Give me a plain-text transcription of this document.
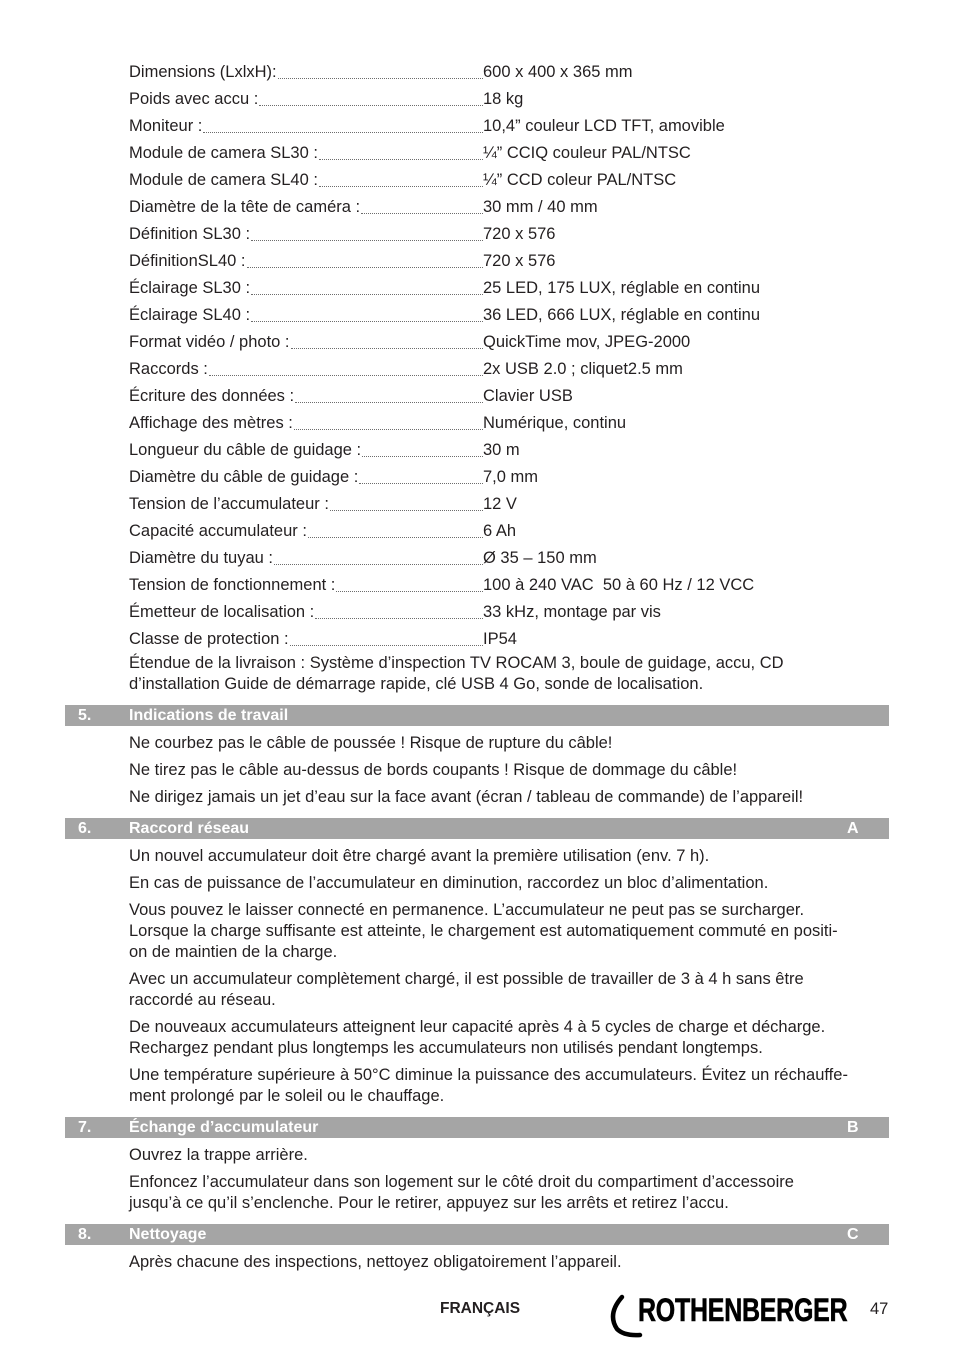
Dimensions (LxlxH):	600 x 400 x 365 mm
Poids avec accu :	18 kg
Moniteur :	10,4” couleur LCD TFT, amovible
Module de camera SL30 :	¼” CCIQ couleur PAL/NTSC
Module de camera SL40 :	¼” CCD coleur PAL/NTSC
Diamètre de la tête de caméra :	30 mm / 40 mm
Définition SL30 :	720 x 576
DéfinitionSL40 :	720 x 576
Éclairage SL30 :	25 LED, 175 LUX, réglable en continu
Éclairage SL40 :	36 LED, 666 LUX, réglable en continu
Format vidéo / photo :	QuickTime mov, JPEG-2000
Raccords :	2x USB 2.0 ; cliquet2.5 mm
Écriture des données :	Clavier USB
Affichage des mètres :	Numérique, continu
Longueur du câble de guidage :	30 m
Diamètre du câble de guidage :	7,0 mm
Tension de l’accumulateur :	12 V
Capacité accumulateur :	6 Ah
Diamètre du tuyau :	Ø 35 – 150 mm
Tension de fonctionnement :	100 à 240 VAC  50 à 60 Hz / 12 VCC
Émetteur de localisation :	33 kHz, montage par vis
Classe de protection :	IP54
Étendue de la livraison : Système d’inspection TV ROCAM 3, boule de guidage, accu, CD
d’installation Guide de démarrage rapide, clé USB 4 Go, sonde de localisation.
5. Indications de travail
Ne courbez pas le câble de poussée ! Risque de rupture du câble!
Ne tirez pas le câble au-dessus de bords coupants ! Risque de dommage du câble!
Ne dirigez jamais un jet d’eau sur la face avant (écran / tableau de commande) de l’appareil!
6. Raccord réseau	A
Un nouvel accumulateur doit être chargé avant la première utilisation (env. 7 h).
En cas de puissance de l’accumulateur en diminution, raccordez un bloc d’alimentation.
Vous pouvez le laisser connecté en permanence. L’accumulateur ne peut pas se surcharger.
Lorsque la charge suffisante est atteinte, le chargement est automatiquement commuté en positi-
on de maintien de la charge.
Avec un accumulateur complètement chargé, il est possible de travailler de 3 à 4 h sans être
raccordé au réseau.
De nouveaux accumulateurs atteignent leur capacité après 4 à 5 cycles de charge et décharge.
Rechargez pendant plus longtemps les accumulateurs non utilisés pendant longtemps.
Une température supérieure à 50°C diminue la puissance des accumulateurs. Évitez un réchauffe-
ment prolongé par le soleil ou le chauffage.
7. Échange d’accumulateur	B
Ouvrez la trappe arrière.
Enfoncez l’accumulateur dans son logement sur le côté droit du compartiment d’accessoire
jusqu’à ce qu’il s’enclenche. Pour le retirer, appuyez sur les arrêts et retirez l’accu.
8. Nettoyage	C
Après chacune des inspections, nettoyez obligatoirement l’appareil.
FRANÇAIS	ROTHENBERGER 47
